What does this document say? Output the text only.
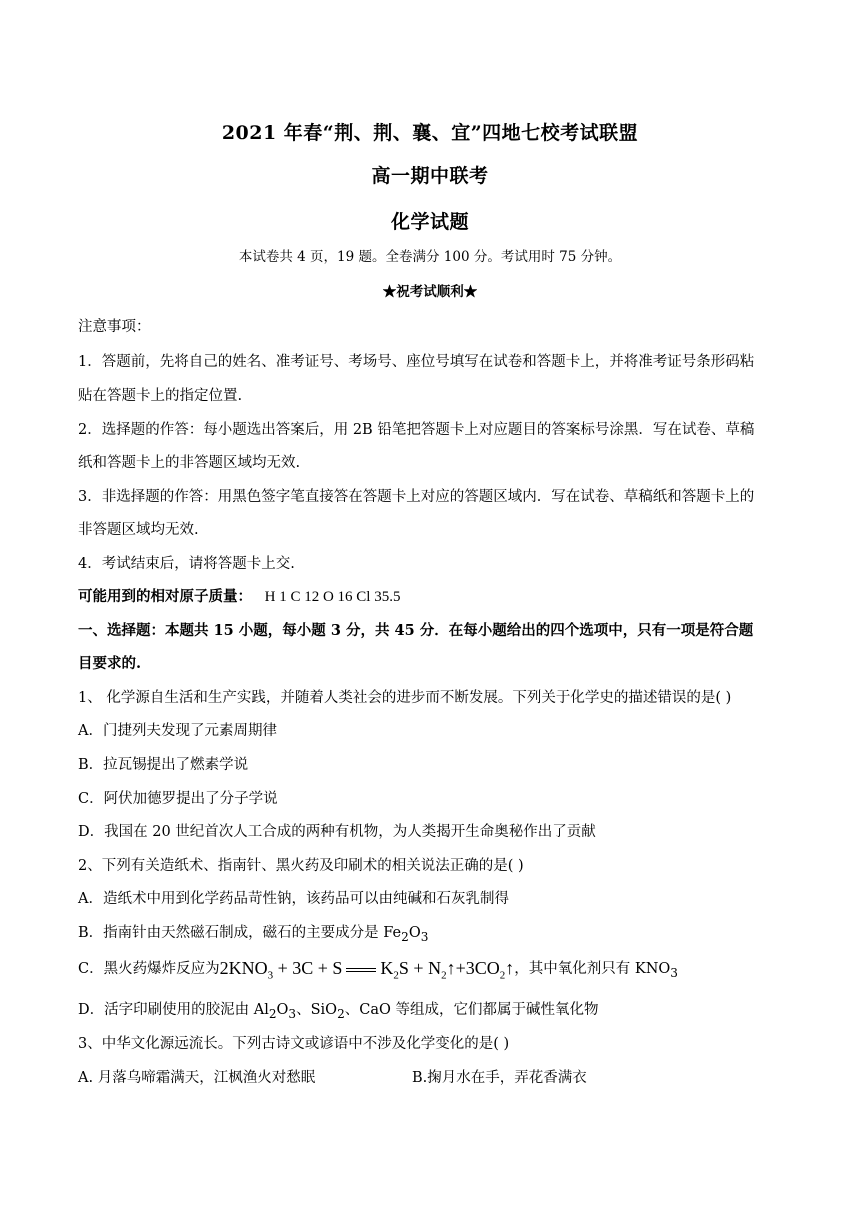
2021 年春“荆、荆、襄、宜”四地七校考试联盟
高一期中联考
化学试题
本试卷共 4 页，19 题。全卷满分 100 分。考试用时 75 分钟。
★祝考试顺利★
注意事项：
1．答题前，先将自己的姓名、准考证号、考场号、座位号填写在试卷和答题卡上，并将准考证号条形码粘
贴在答题卡上的指定位置.
2．选择题的作答：每小题选出答案后，用 2B 铅笔把答题卡上对应题目的答案标号涂黑．写在试卷、草稿
纸和答题卡上的非答题区域均无效.
3．非选择题的作答：用黑色签字笔直接答在答题卡上对应的答题区域内．写在试卷、草稿纸和答题卡上的
非答题区域均无效.
4．考试结束后，请将答题卡上交.
可能用到的相对原子质量： H 1 C 12 O 16 Cl 35.5
一、选择题：本题共 15 小题，每小题 3 分，共 45 分．在每小题给出的四个选项中，只有一项是符合题
目要求的.
1、 化学源自生活和生产实践，并随着人类社会的进步而不断发展。下列关于化学史的描述错误的是( )
A．门捷列夫发现了元素周期律
B．拉瓦锡提出了燃素学说
C．阿伏加德罗提出了分子学说
D．我国在 20 世纪首次人工合成的两种有机物，为人类揭开生命奥秘作出了贡献
2、下列有关造纸术、指南针、黑火药及印刷术的相关说法正确的是( )
A．造纸术中用到化学药品苛性钠，该药品可以由纯碱和石灰乳制得
B．指南针由天然磁石制成，磁石的主要成分是 $Fe_2O_3$
C．黑火药爆炸反应为$2KNO_3 + 3C + S$ $K_2S$ + $N_2↑+3CO_2↑$，其中氧化剂只有 $KNO_3$
D．活字印刷使用的胶泥由 $Al_2O_3$、SiO$_2$、CaO 等组成，它们都属于碱性氧化物
3、中华文化源远流长。下列古诗文或谚语中不涉及化学变化的是( )
A. 月落乌啼霜满天，江枫渔火对愁眠	B.掬月水在手，弄花香满衣
